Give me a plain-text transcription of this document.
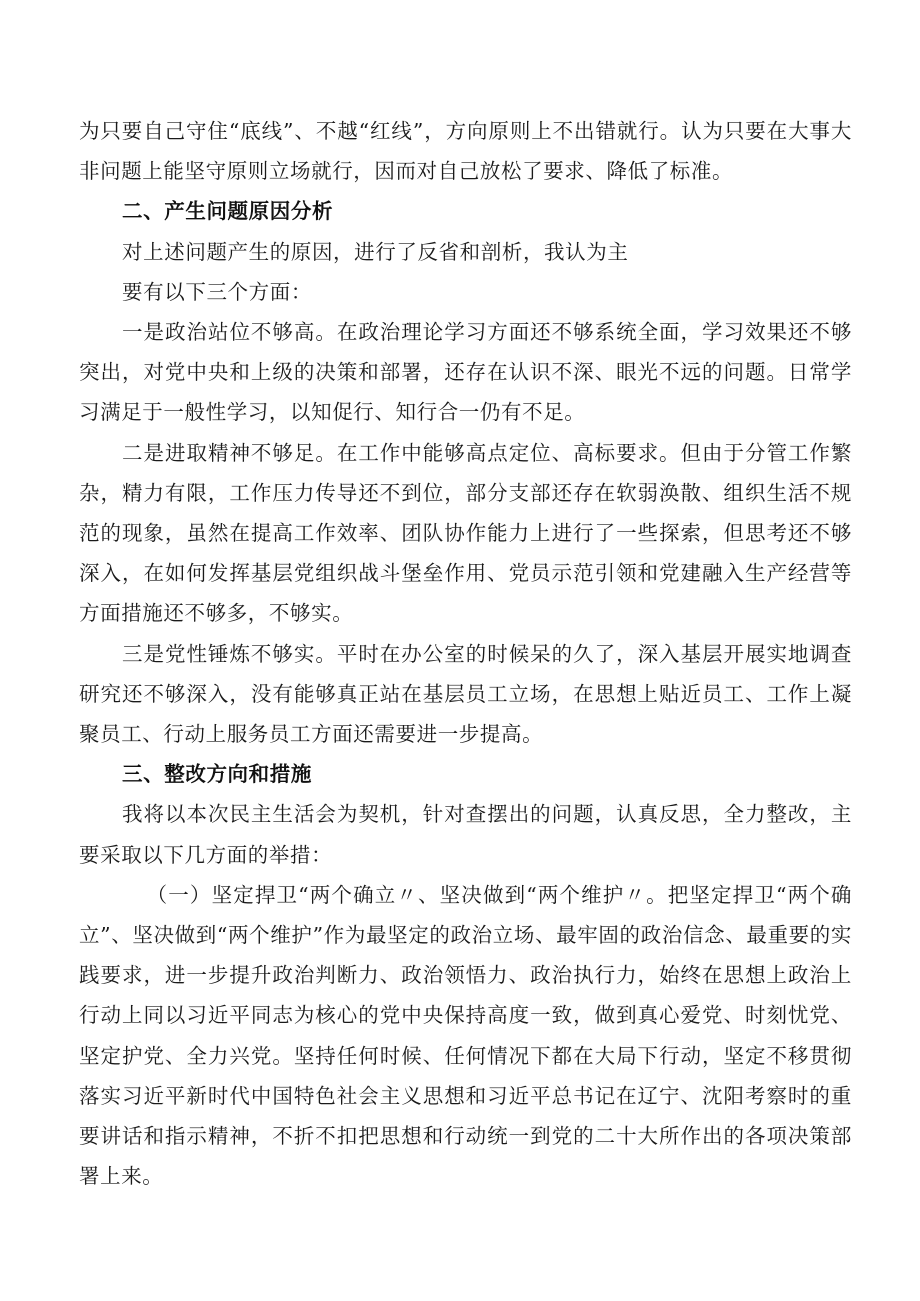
为只要自己守住“底线”、不越“红线”，方向原则上不出错就行。认为只要在大事大非问题上能坚守原则立场就行，因而对自己放松了要求、降低了标准。

二、产生问题原因分析

对上述问题产生的原因，进行了反省和剖析，我认为主

要有以下三个方面：

一是政治站位不够高。在政治理论学习方面还不够系统全面，学习效果还不够突出，对党中央和上级的决策和部署，还存在认识不深、眼光不远的问题。日常学习满足于一般性学习，以知促行、知行合一仍有不足。

二是进取精神不够足。在工作中能够高点定位、高标要求。但由于分管工作繁杂，精力有限，工作压力传导还不到位，部分支部还存在软弱涣散、组织生活不规范的现象，虽然在提高工作效率、团队协作能力上进行了一些探索，但思考还不够深入，在如何发挥基层党组织战斗堡垒作用、党员示范引领和党建融入生产经营等方面措施还不够多，不够实。

三是党性锤炼不够实。平时在办公室的时候呆的久了，深入基层开展实地调查研究还不够深入，没有能够真正站在基层员工立场，在思想上贴近员工、工作上凝聚员工、行动上服务员工方面还需要进一步提高。

三、整改方向和措施

我将以本次民主生活会为契机，针对查摆出的问题，认真反思，全力整改，主要采取以下几方面的举措：

（一）坚定捍卫“两个确立〃、坚决做到“两个维护〃。把坚定捍卫“两个确立”、坚决做到“两个维护”作为最坚定的政治立场、最牢固的政治信念、最重要的实践要求，进一步提升政治判断力、政治领悟力、政治执行力，始终在思想上政治上行动上同以习近平同志为核心的党中央保持高度一致，做到真心爱党、时刻忧党、坚定护党、全力兴党。坚持任何时候、任何情况下都在大局下行动，坚定不移贯彻落实习近平新时代中国特色社会主义思想和习近平总书记在辽宁、沈阳考察时的重要讲话和指示精神，不折不扣把思想和行动统一到党的二十大所作出的各项决策部署上来。
